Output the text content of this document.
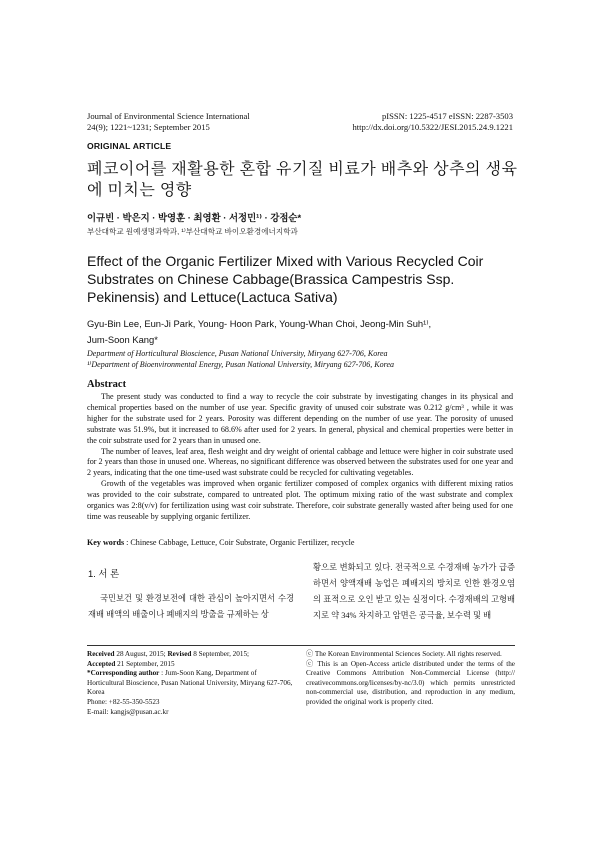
Journal of Environmental Science International
24(9); 1221~1231; September 2015
pISSN: 1225-4517 eISSN: 2287-3503
http://dx.doi.org/10.5322/JESI.2015.24.9.1221
ORIGINAL ARTICLE
폐코이어를 재활용한 혼합 유기질 비료가 배추와 상추의 생육에 미치는 영향
이규빈 · 박은지 · 박영훈 · 최영환 · 서정민¹⁾ · 강점순*
부산대학교 원예생명과학과, ¹⁾부산대학교 바이오환경에너지학과
Effect of the Organic Fertilizer Mixed with Various Recycled Coir Substrates on Chinese Cabbage(Brassica Campestris Ssp. Pekinensis) and Lettuce(Lactuca Sativa)
Gyu-Bin Lee, Eun-Ji Park, Young- Hoon Park, Young-Whan Choi, Jeong-Min Suh¹⁾,
Jum-Soon Kang*
Department of Horticultural Bioscience, Pusan National University, Miryang 627-706, Korea
¹⁾Department of Bioenvironmental Energy, Pusan National University, Miryang 627-706, Korea
Abstract

The present study was conducted to find a way to recycle the coir substrate by investigating changes in its physical and chemical properties based on the number of use year. Specific gravity of unused coir substrate was 0.212 g/cm³ , while it was higher for the substrate used for 2 years. Porosity was different depending on the number of use year. The porosity of unused substrate was 51.9%, but it increased to 68.6% after used for 2 years. In general, physical and chemical properties were better in the coir substrate used for 2 years than in unused one.

The number of leaves, leaf area, flesh weight and dry weight of oriental cabbage and lettuce were higher in coir substrate used for 2 years than those in unused one. Whereas, no significant difference was observed between the substrates used for one year and 2 years, indicating that the one time-used wast substrate could be recycled for cultivating vegetables.

Growth of the vegetables was improved when organic fertilizer composed of complex organics with different mixing ratios was provided to the coir substrate, compared to untreated plot. The optimum mixing ratio of the wast substrate and complex organics was 2:8(v/v) for fertilization using wast coir substrate. Therefore, coir substrate generally wasted after being used for one time was reuseable by supplying organic fertilizer.

Key words : Chinese Cabbage, Lettuce, Coir Substrate, Organic Fertilizer, recycle
1. 서 론
국민보건 및 환경보전에 대한 관심이 높아지면서 수경재배 배액의 배출이나 폐배지의 방출을 규제하는 상
황으로 변화되고 있다. 전국적으로 수경재배 농가가 급증하면서 양액재배 농업은 폐배지의 방치로 인한 환경오염의 표적으로 오인 받고 있는 실정이다. 수경재배의 고형배지로 약 34% 차지하고 암면은 공극율, 보수력 및 배
Received 28 August, 2015; Revised 8 September, 2015;
Accepted 21 September, 2015
*Corresponding author : Jum-Soon Kang, Department of Horticultural Bioscience, Pusan National University, Miryang 627-706, Korea
Phone: +82-55-350-5523
E-mail: kangjs@pusan.ac.kr
ⓒ The Korean Environmental Sciences Society. All rights reserved.
ⓒ This is an Open-Access article distributed under the terms of the Creative Commons Attribution Non-Commercial License (http:// creativecommons.org/licenses/by-nc/3.0) which permits unrestricted non-commercial use, distribution, and reproduction in any medium, provided the original work is properly cited.
